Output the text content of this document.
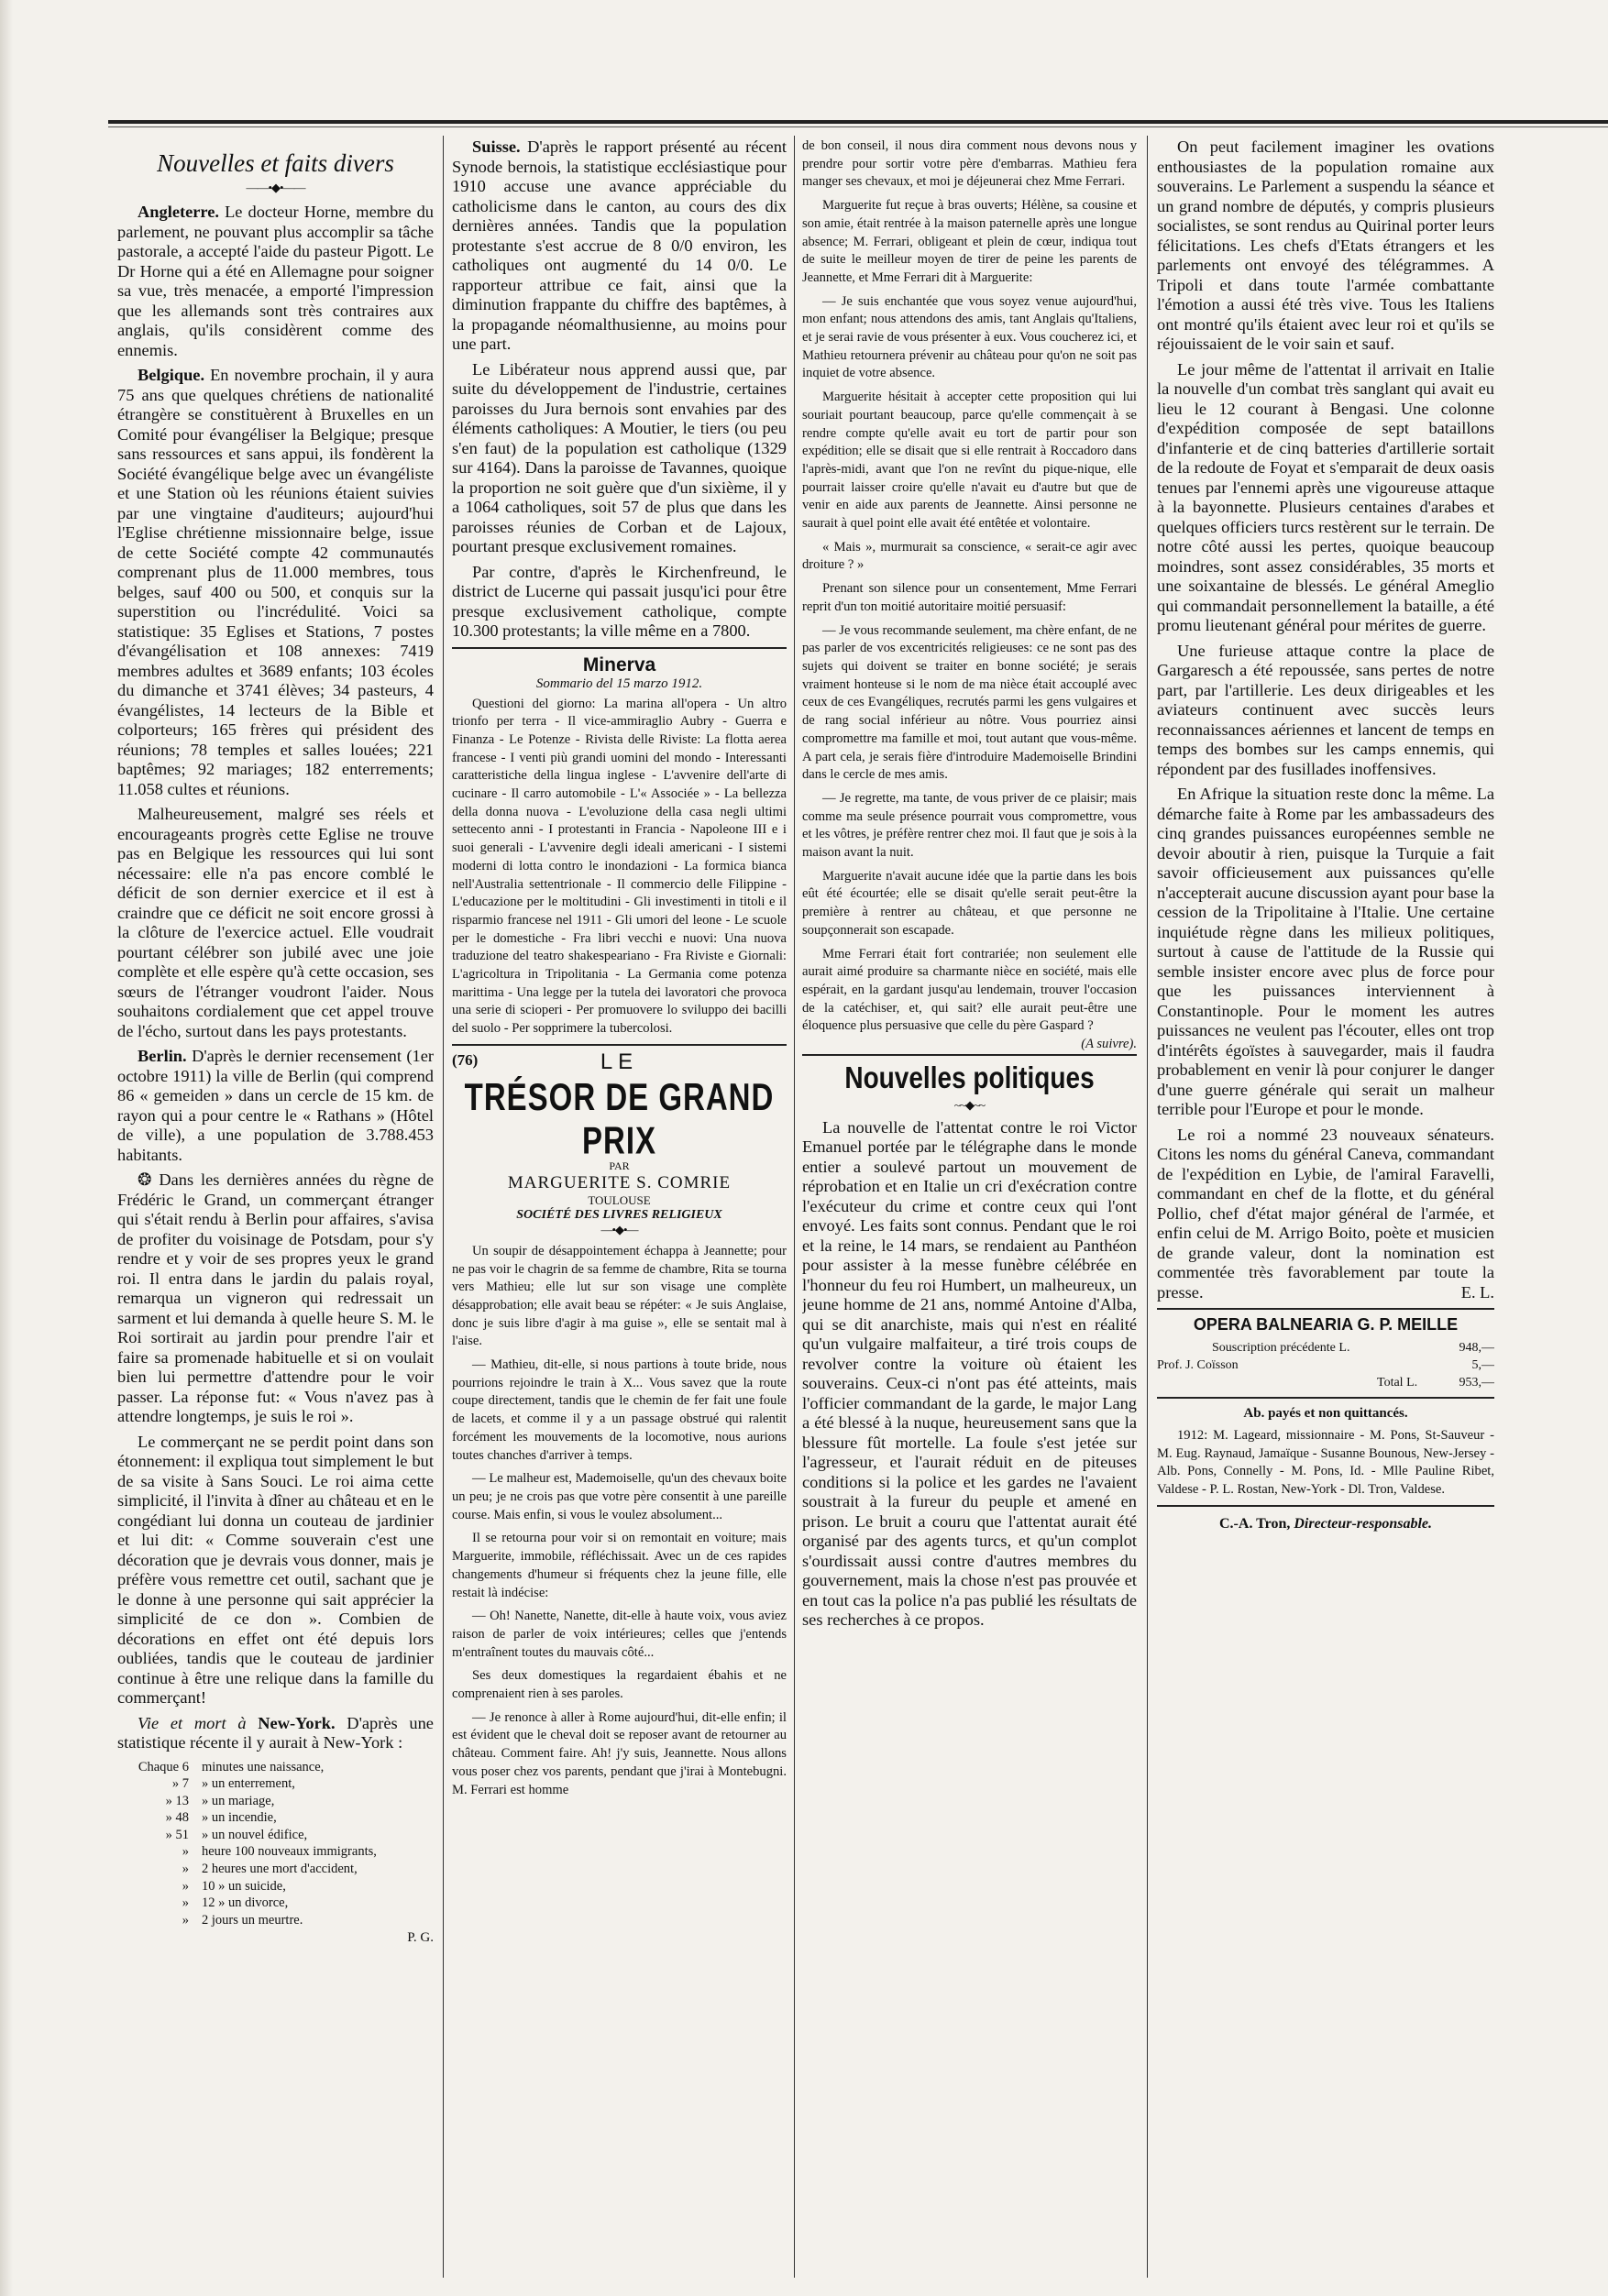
Nouvelles et faits divers
——•◆•——

Angleterre. Le docteur Horne, membre du parlement, ne pouvant plus accomplir sa tâche pastorale, a accepté l'aide du pasteur Pigott. Le Dr Horne qui a été en Allemagne pour soigner sa vue, très menacée, a emporté l'impression que les allemands sont très contraires aux anglais, qu'ils considèrent comme des ennemis.

Belgique. En novembre prochain, il y aura 75 ans que quelques chrétiens de nationalité étrangère se constituèrent à Bruxelles en un Comité pour évangéliser la Belgique; presque sans ressources et sans appui, ils fondèrent la Société évangélique belge avec un évangéliste et une Station où les réunions étaient suivies par une vingtaine d'auditeurs; aujourd'hui l'Eglise chrétienne missionnaire belge, issue de cette Société compte 42 communautés comprenant plus de 11.000 membres, tous belges, sauf 400 ou 500, et conquis sur la superstition ou l'incrédulité. Voici sa statistique: 35 Eglises et Stations, 7 postes d'évangélisation et 108 annexes: 7419 membres adultes et 3689 enfants; 103 écoles du dimanche et 3741 élèves; 34 pasteurs, 4 évangélistes, 14 lecteurs de la Bible et colporteurs; 165 frères qui président des réunions; 78 temples et salles louées; 221 baptêmes; 92 mariages; 182 enterrements; 11.058 cultes et réunions.

Malheureusement, malgré ses réels et encourageants progrès cette Eglise ne trouve pas en Belgique les ressources qui lui sont nécessaire: elle n'a pas encore comblé le déficit de son dernier exercice et il est à craindre que ce déficit ne soit encore grossi à la clôture de l'exercice actuel. Elle voudrait pourtant célébrer son jubilé avec une joie complète et elle espère qu'à cette occasion, ses sœurs de l'étranger voudront l'aider. Nous souhaitons cordialement que cet appel trouve de l'écho, surtout dans les pays protestants.

Berlin. D'après le dernier recensement (1er octobre 1911) la ville de Berlin (qui comprend 86 « gemeiden » dans un cercle de 15 km. de rayon qui a pour centre le « Rathans » (Hôtel de ville), a une population de 3.788.453 habitants.

❂ Dans les dernières années du règne de Frédéric le Grand, un commerçant étranger qui s'était rendu à Berlin pour affaires, s'avisa de profiter du voisinage de Potsdam, pour s'y rendre et y voir de ses propres yeux le grand roi. Il entra dans le jardin du palais royal, remarqua un vigneron qui redressait un sarment et lui demanda à quelle heure S. M. le Roi sortirait au jardin pour prendre l'air et faire sa promenade habituelle et si on voulait bien lui permettre d'attendre pour le voir passer. La réponse fut: « Vous n'avez pas à attendre longtemps, je suis le roi ».

Le commerçant ne se perdit point dans son étonnement: il expliqua tout simplement le but de sa visite à Sans Souci. Le roi aima cette simplicité, il l'invita à dîner au château et en le congédiant lui donna un couteau de jardinier et lui dit: « Comme souverain c'est une décoration que je devrais vous donner, mais je préfère vous remettre cet outil, sachant que je le donne à une personne qui sait apprécier la simplicité de ce don ». Combien de décorations en effet ont été depuis lors oubliées, tandis que le couteau de jardinier continue à être une relique dans la famille du commerçant!

Vie et mort à New-York. D'après une statistique récente il y aurait à New-York :

Chaque 6 minutes une naissance,
» 7 » un enterrement,
» 13 » un mariage,
» 48 » un incendie,
» 51 » un nouvel édifice,
» heure 100 nouveaux immigrants,
» 2 heures une mort d'accident,
» 10 » un suicide,
» 12 » un divorce,
» 2 jours un meurtre.
P. G.

Suisse. D'après le rapport présenté au récent Synode bernois, la statistique ecclésiastique pour 1910 accuse une avance appréciable du catholicisme dans le canton, au cours des dix dernières années. Tandis que la population protestante s'est accrue de 8 0/0 environ, les catholiques ont augmenté du 14 0/0. Le rapporteur attribue ce fait, ainsi que la diminution frappante du chiffre des baptêmes, à la propagande néomalthusienne, au moins pour une part.

Le Libérateur nous apprend aussi que, par suite du développement de l'industrie, certaines paroisses du Jura bernois sont envahies par des éléments catholiques: A Moutier, le tiers (ou peu s'en faut) de la population est catholique (1329 sur 4164). Dans la paroisse de Tavannes, quoique la proportion ne soit guère que d'un sixième, il y a 1064 catholiques, soit 57 de plus que dans les paroisses réunies de Corban et de Lajoux, pourtant presque exclusivement romaines.

Par contre, d'après le Kirchenfreund, le district de Lucerne qui passait jusqu'ici pour être presque exclusivement catholique, compte 10.300 protestants; la ville même en a 7800.

Minerva
Sommario del 15 marzo 1912.

Questioni del giorno: La marina all'opera - Un altro trionfo per terra - Il vice-ammiraglio Aubry - Guerra e Finanza - Le Potenze - Rivista delle Riviste: La flotta aerea francese - I venti più grandi uomini del mondo - Interessanti caratteristiche della lingua inglese - L'avvenire dell'arte di cucinare - Il carro automobile - L'« Associée » - La bellezza della donna nuova - L'evoluzione della casa negli ultimi settecento anni - I protestanti in Francia - Napoleone III e i suoi generali - L'avvenire degli ideali americani - I sistemi moderni di lotta contro le inondazioni - La formica bianca nell'Australia settentrionale - Il commercio delle Filippine - L'educazione per le moltitudini - Gli investimenti in titoli e il risparmio francese nel 1911 - Gli umori del leone - Le scuole per le domestiche - Fra libri vecchi e nuovi: Una nuova traduzione del teatro shakespeariano - Fra Riviste e Giornali: L'agricoltura in Tripolitania - La Germania come potenza marittima - Una legge per la tutela dei lavoratori che provoca una serie di scioperi - Per promuovere lo sviluppo dei bacilli del suolo - Per sopprimere la tubercolosi.

(76)	LE
TRÉSOR DE GRAND PRIX
PAR
MARGUERITE S. COMRIE
TOULOUSE
SOCIÉTÉ DES LIVRES RELIGIEUX
—•◆•—

Un soupir de désappointement échappa à Jeannette; pour ne pas voir le chagrin de sa femme de chambre, Rita se tourna vers Mathieu; elle lut sur son visage une complète désapprobation; elle avait beau se répéter: « Je suis Anglaise, donc je suis libre d'agir à ma guise », elle se sentait mal à l'aise.

— Mathieu, dit-elle, si nous partions à toute bride, nous pourrions rejoindre le train à X... Vous savez que la route coupe directement, tandis que le chemin de fer fait une foule de lacets, et comme il y a un passage obstrué qui ralentit forcément les mouvements de la locomotive, nous aurions toutes chanches d'arriver à temps.

— Le malheur est, Mademoiselle, qu'un des chevaux boite un peu; je ne crois pas que votre père consentit à une pareille course. Mais enfin, si vous le voulez absolument...

Il se retourna pour voir si on remontait en voiture; mais Marguerite, immobile, réfléchissait. Avec un de ces rapides changements d'humeur si fréquents chez la jeune fille, elle restait là indécise:

— Oh! Nanette, Nanette, dit-elle à haute voix, vous aviez raison de parler de voix intérieures; celles que j'entends m'entraînent toutes du mauvais côté...

Ses deux domestiques la regardaient ébahis et ne comprenaient rien à ses paroles.

— Je renonce à aller à Rome aujourd'hui, dit-elle enfin; il est évident que le cheval doit se reposer avant de retourner au château. Comment faire. Ah! j'y suis, Jeannette. Nous allons vous poser chez vos parents, pendant que j'irai à Montebugni. M. Ferrari est homme

de bon conseil, il nous dira comment nous devons nous y prendre pour sortir votre père d'embarras. Mathieu fera manger ses chevaux, et moi je déjeunerai chez Mme Ferrari.

Marguerite fut reçue à bras ouverts; Hélène, sa cousine et son amie, était rentrée à la maison paternelle après une longue absence; M. Ferrari, obligeant et plein de cœur, indiqua tout de suite le meilleur moyen de tirer de peine les parents de Jeannette, et Mme Ferrari dit à Marguerite:

— Je suis enchantée que vous soyez venue aujourd'hui, mon enfant; nous attendons des amis, tant Anglais qu'Italiens, et je serai ravie de vous présenter à eux. Vous coucherez ici, et Mathieu retournera prévenir au château pour qu'on ne soit pas inquiet de votre absence.

Marguerite hésitait à accepter cette proposition qui lui souriait pourtant beaucoup, parce qu'elle commençait à se rendre compte qu'elle avait eu tort de partir pour son expédition; elle se disait que si elle rentrait à Roccadoro dans l'après-midi, avant que l'on ne revînt du pique-nique, elle pourrait laisser croire qu'elle n'avait eu d'autre but que de venir en aide aux parents de Jeannette. Ainsi personne ne saurait à quel point elle avait été entêtée et volontaire.

« Mais », murmurait sa conscience, « serait-ce agir avec droiture ? »

Prenant son silence pour un consentement, Mme Ferrari reprit d'un ton moitié autoritaire moitié persuasif:

— Je vous recommande seulement, ma chère enfant, de ne pas parler de vos excentricités religieuses: ce ne sont pas des sujets qui doivent se traiter en bonne société; je serais vraiment honteuse si le nom de ma nièce était accouplé avec ceux de ces Evangéliques, recrutés parmi les gens vulgaires et de rang social inférieur au nôtre. Vous pourriez ainsi compromettre ma famille et moi, tout autant que vous-même. A part cela, je serais fière d'introduire Mademoiselle Brindini dans le cercle de mes amis.

— Je regrette, ma tante, de vous priver de ce plaisir; mais comme ma seule présence pourrait vous compromettre, vous et les vôtres, je préfère rentrer chez moi. Il faut que je sois à la maison avant la nuit.

Marguerite n'avait aucune idée que la partie dans les bois eût été écourtée; elle se disait qu'elle serait peut-être la première à rentrer au château, et que personne ne soupçonnerait son escapade.

Mme Ferrari était fort contrariée; non seulement elle aurait aimé produire sa charmante nièce en société, mais elle espérait, en la gardant jusqu'au lendemain, trouver l'occasion de la catéchiser, et, qui sait? elle aurait peut-être une éloquence plus persuasive que celle du père Gaspard ?
(A suivre).

Nouvelles politiques
~~◆~~

La nouvelle de l'attentat contre le roi Victor Emanuel portée par le télégraphe dans le monde entier a soulevé partout un mouvement de réprobation et en Italie un cri d'exécration contre l'exécuteur du crime et contre ceux qui l'ont envoyé. Les faits sont connus. Pendant que le roi et la reine, le 14 mars, se rendaient au Panthéon pour assister à la messe funèbre célébrée en l'honneur du feu roi Humbert, un malheureux, un jeune homme de 21 ans, nommé Antoine d'Alba, qui se dit anarchiste, mais qui n'est en réalité qu'un vulgaire malfaiteur, a tiré trois coups de revolver contre la voiture où étaient les souverains. Ceux-ci n'ont pas été atteints, mais l'officier commandant de la garde, le major Lang a été blessé à la nuque, heureusement sans que la blessure fût mortelle. La foule s'est jetée sur l'agresseur, et l'aurait réduit en de piteuses conditions si la police et les gardes ne l'avaient soustrait à la fureur du peuple et amené en prison. Le bruit a couru que l'attentat aurait été organisé par des agents turcs, et qu'un complot s'ourdissait aussi contre d'autres membres du gouvernement, mais la chose n'est pas prouvée et en tout cas la police n'a pas publié les résultats de ses recherches à ce propos.

On peut facilement imaginer les ovations enthousiastes de la population romaine aux souverains. Le Parlement a suspendu la séance et un grand nombre de députés, y compris plusieurs socialistes, se sont rendus au Quirinal porter leurs félicitations. Les chefs d'Etats étrangers et les parlements ont envoyé des télégrammes. A Tripoli et dans toute l'armée combattante l'émotion a aussi été très vive. Tous les Italiens ont montré qu'ils étaient avec leur roi et qu'ils se réjouissaient de le voir sain et sauf.

Le jour même de l'attentat il arrivait en Italie la nouvelle d'un combat très sanglant qui avait eu lieu le 12 courant à Bengasi. Une colonne d'expédition composée de sept bataillons d'infanterie et de cinq batteries d'artillerie sortait de la redoute de Foyat et s'emparait de deux oasis tenues par l'ennemi après une vigoureuse attaque à la bayonnette. Plusieurs centaines d'arabes et quelques officiers turcs restèrent sur le terrain. De notre côté aussi les pertes, quoique beaucoup moindres, sont assez considérables, 35 morts et une soixantaine de blessés. Le général Ameglio qui commandait personnellement la bataille, a été promu lieutenant général pour mérites de guerre.

Une furieuse attaque contre la place de Gargaresch a été repoussée, sans pertes de notre part, par l'artillerie. Les deux dirigeables et les aviateurs continuent avec succès leurs reconnaissances aériennes et lancent de temps en temps des bombes sur les camps ennemis, qui répondent par des fusillades inoffensives.

En Afrique la situation reste donc la même. La démarche faite à Rome par les ambassadeurs des cinq grandes puissances européennes semble ne devoir aboutir à rien, puisque la Turquie a fait savoir officieusement aux puissances qu'elle n'accepterait aucune discussion ayant pour base la cession de la Tripolitaine à l'Italie. Une certaine inquiétude règne dans les milieux politiques, surtout à cause de l'attitude de la Russie qui semble insister encore avec plus de force pour que les puissances interviennent à Constantinople. Pour le moment les autres puissances ne veulent pas l'écouter, elles ont trop d'intérêts égoïstes à sauvegarder, mais il faudra probablement en venir là pour conjurer le danger d'une guerre générale qui serait un malheur terrible pour l'Europe et pour le monde.

Le roi a nommé 23 nouveaux sénateurs. Citons les noms du général Caneva, commandant de l'expédition en Lybie, de l'amiral Faravelli, commandant en chef de la flotte, et du général Pollio, chef d'état major général de l'armée, et enfin celui de M. Arrigo Boito, poète et musicien de grande valeur, dont la nomination est commentée très favorablement par toute la presse.	E. L.

OPERA BALNEARIA G. P. MEILLE
Souscription précédente L.	948,—
Prof. J. Coïsson	5,—
Total L.	953,—
Ab. payés et non quittancés.

1912: M. Lageard, missionnaire - M. Pons, St-Sauveur - M. Eug. Raynaud, Jamaïque - Susanne Bounous, New-Jersey - Alb. Pons, Connelly - M. Pons, Id. - Mlle Pauline Ribet, Valdese - P. L. Rostan, New-York - Dl. Tron, Valdese.

C.-A. Tron, Directeur-responsable.
